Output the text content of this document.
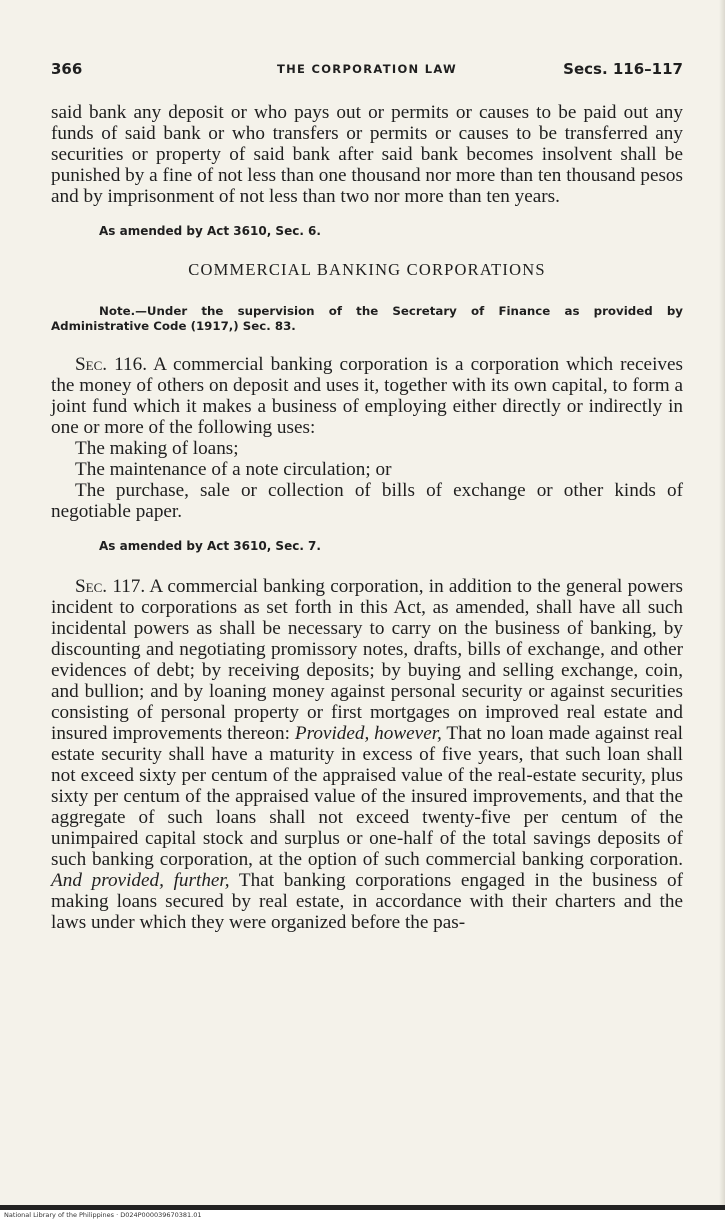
366	THE CORPORATION LAW	Secs. 116–117

said bank any deposit or who pays out or permits or causes to be paid out any funds of said bank or who transfers or permits or causes to be transferred any securities or property of said bank after said bank becomes insolvent shall be punished by a fine of not less than one thousand nor more than ten thousand pesos and by imprisonment of not less than two nor more than ten years.

As amended by Act 3610, Sec. 6.

COMMERCIAL BANKING CORPORATIONS

Note.—Under the supervision of the Secretary of Finance as provided by Administrative Code (1917,) Sec. 83.

Sec. 116. A commercial banking corporation is a corporation which receives the money of others on deposit and uses it, together with its own capital, to form a joint fund which it makes a business of employing either directly or indirectly in one or more of the following uses:

The making of loans;

The maintenance of a note circulation; or

The purchase, sale or collection of bills of exchange or other kinds of negotiable paper.

As amended by Act 3610, Sec. 7.

Sec. 117. A commercial banking corporation, in addition to the general powers incident to corporations as set forth in this Act, as amended, shall have all such incidental powers as shall be necessary to carry on the business of banking, by discounting and negotiating promissory notes, drafts, bills of exchange, and other evidences of debt; by receiving deposits; by buying and selling exchange, coin, and bullion; and by loaning money against personal security or against securities consisting of personal property or first mortgages on improved real estate and insured improvements thereon: Provided, however, That no loan made against real estate security shall have a maturity in excess of five years, that such loan shall not exceed sixty per centum of the appraised value of the real-estate security, plus sixty per centum of the appraised value of the insured improvements, and that the aggregate of such loans shall not exceed twenty-five per centum of the unimpaired capital stock and surplus or one-half of the total savings deposits of such banking corporation, at the option of such commercial banking corporation. And provided, further, That banking corporations engaged in the business of making loans secured by real estate, in accordance with their charters and the laws under which they were organized before the pas-

National Library of the Philippines · D024P000039670381.01
